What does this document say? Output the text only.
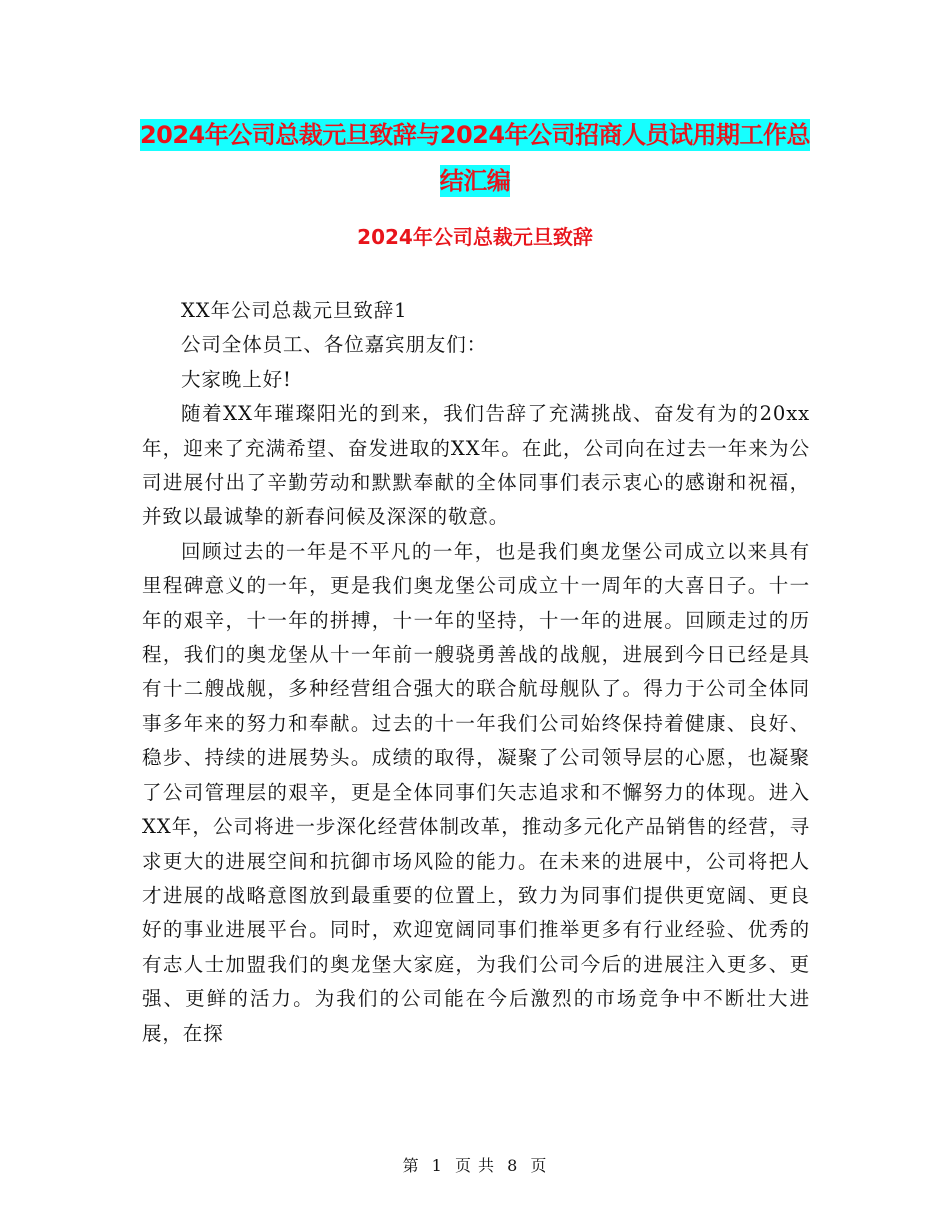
2024年公司总裁元旦致辞与2024年公司招商人员试用期工作总结汇编
2024年公司总裁元旦致辞

XX年公司总裁元旦致辞1

公司全体员工、各位嘉宾朋友们：

大家晚上好!

随着XX年璀璨阳光的到来，我们告辞了充满挑战、奋发有为的20xx年，迎来了充满希望、奋发进取的XX年。在此，公司向在过去一年来为公司进展付出了辛勤劳动和默默奉献的全体同事们表示衷心的感谢和祝福，并致以最诚挚的新春问候及深深的敬意。

回顾过去的一年是不平凡的一年，也是我们奥龙堡公司成立以来具有里程碑意义的一年，更是我们奥龙堡公司成立十一周年的大喜日子。十一年的艰辛，十一年的拼搏，十一年的坚持，十一年的进展。回顾走过的历程，我们的奥龙堡从十一年前一艘骁勇善战的战舰，进展到今日已经是具有十二艘战舰，多种经营组合强大的联合航母舰队了。得力于公司全体同事多年来的努力和奉献。过去的十一年我们公司始终保持着健康、良好、稳步、持续的进展势头。成绩的取得，凝聚了公司领导层的心愿，也凝聚了公司管理层的艰辛，更是全体同事们矢志追求和不懈努力的体现。进入XX年，公司将进一步深化经营体制改革，推动多元化产品销售的经营，寻求更大的进展空间和抗御市场风险的能力。在未来的进展中，公司将把人才进展的战略意图放到最重要的位置上，致力为同事们提供更宽阔、更良好的事业进展平台。同时，欢迎宽阔同事们推举更多有行业经验、优秀的有志人士加盟我们的奥龙堡大家庭，为我们公司今后的进展注入更多、更强、更鲜的活力。为我们的公司能在今后激烈的市场竞争中不断壮大进展，在探

第 1 页 共 8 页
